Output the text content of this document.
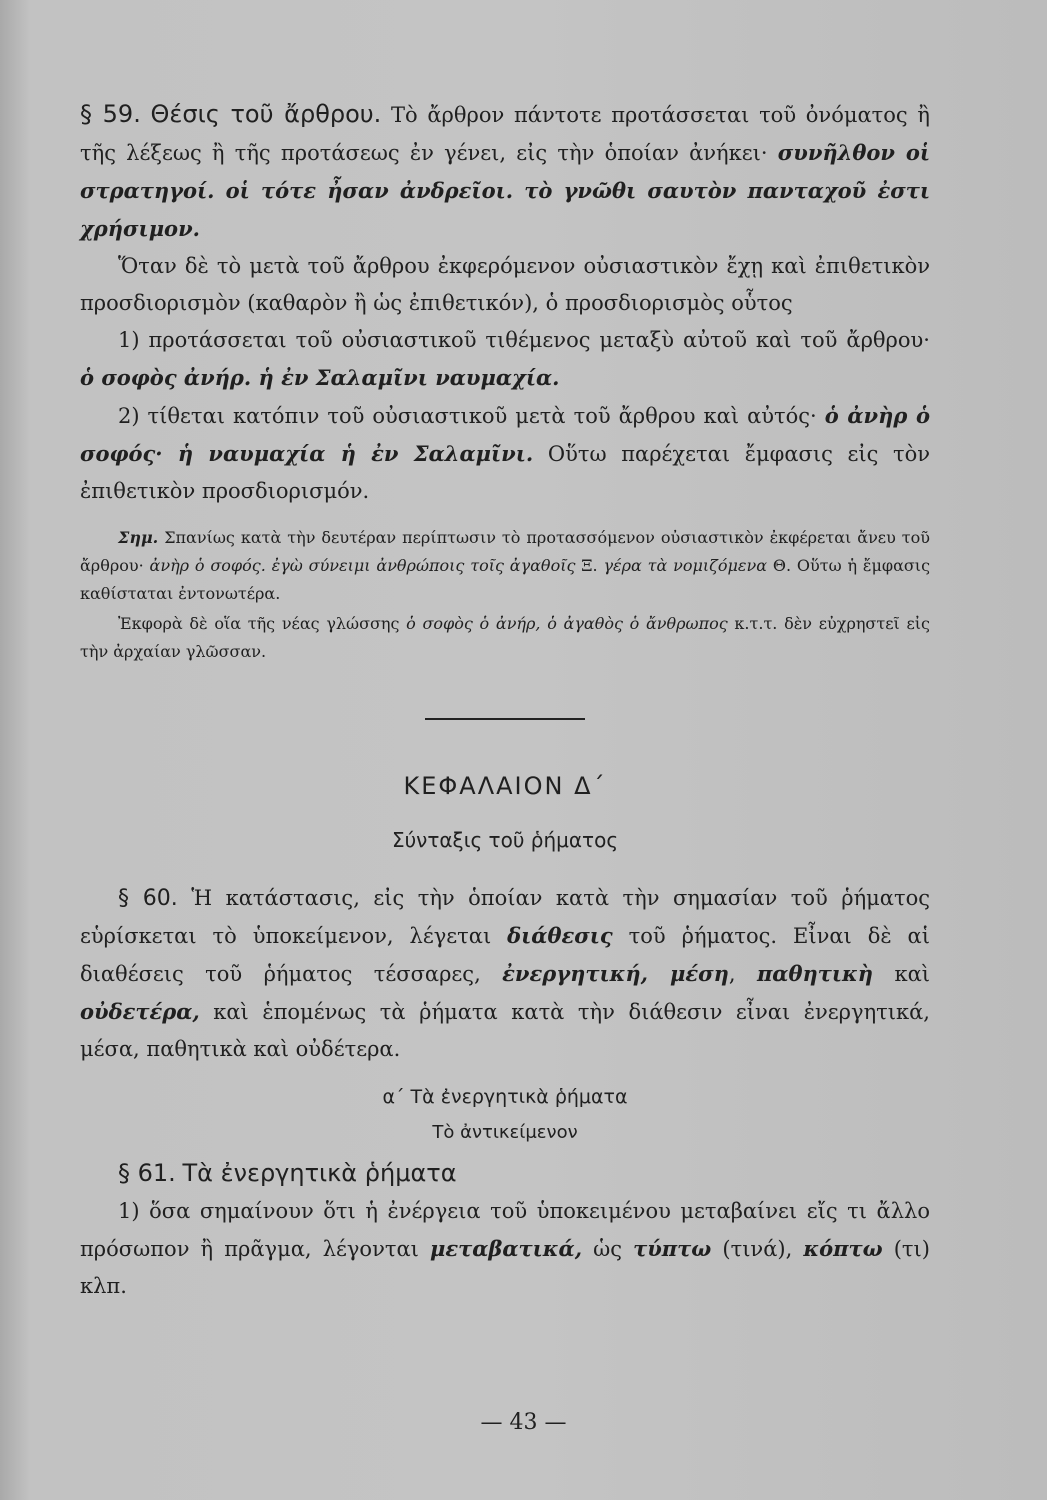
§ 59. Θέσις τοῦ ἄρθρου. Τὸ ἄρθρον πάντοτε προτάσσεται τοῦ ὀνόματος ἢ τῆς λέξεως ἢ τῆς προτάσεως ἐν γένει, εἰς τὴν ὁποίαν ἀνήκει· συνῆλθον οἱ στρατηγοί. οἱ τότε ἦσαν ἀνδρεῖοι. τὸ γνῶθι σαυτὸν πανταχοῦ ἐστι χρήσιμον.

Ὅταν δὲ τὸ μετὰ τοῦ ἄρθρου ἐκφερόμενον οὐσιαστικὸν ἔχῃ καὶ ἐπιθετικὸν προσδιορισμὸν (καθαρὸν ἢ ὡς ἐπιθετικόν), ὁ προσδιορισμὸς οὗτος

1) προτάσσεται τοῦ οὐσιαστικοῦ τιθέμενος μεταξὺ αὐτοῦ καὶ τοῦ ἄρθρου· ὁ σοφὸς ἀνήρ. ἡ ἐν Σαλαμῖνι ναυμαχία.

2) τίθεται κατόπιν τοῦ οὐσιαστικοῦ μετὰ τοῦ ἄρθρου καὶ αὐτός· ὁ ἀνὴρ ὁ σοφός· ἡ ναυμαχία ἡ ἐν Σαλαμῖνι. Οὕτω παρέχεται ἔμφασις εἰς τὸν ἐπιθετικὸν προσδιορισμόν.

Σημ. Σπανίως κατὰ τὴν δευτέραν περίπτωσιν τὸ προτασσόμενον οὐσιαστικὸν ἐκφέρεται ἄνευ τοῦ ἄρθρου· ἀνὴρ ὁ σοφός. ἐγὼ σύνειμι ἀνθρώποις τοῖς ἀγαθοῖς Ξ. γέρα τὰ νομιζόμενα Θ. Οὕτω ἡ ἔμφασις καθίσταται ἐντονωτέρα.

Ἐκφορὰ δὲ οἵα τῆς νέας γλώσσης ὁ σοφὸς ὁ ἀνήρ, ὁ ἀγαθὸς ὁ ἄνθρωπος κ.τ.τ. δὲν εὐχρηστεῖ εἰς τὴν ἀρχαίαν γλῶσσαν.

ΚΕΦΑΛΑΙΟΝ Δ΄

Σύνταξις τοῦ ῥήματος

§ 60. Ἡ κατάστασις, εἰς τὴν ὁποίαν κατὰ τὴν σημασίαν τοῦ ῥήματος εὑρίσκεται τὸ ὑποκείμενον, λέγεται διάθεσις τοῦ ῥήματος. Εἶναι δὲ αἱ διαθέσεις τοῦ ῥήματος τέσσαρες, ἐνεργητική, μέση, παθητικὴ καὶ οὐδετέρα, καὶ ἑπομένως τὰ ῥήματα κατὰ τὴν διάθεσιν εἶναι ἐνεργητικά, μέσα, παθητικὰ καὶ οὐδέτερα.

α΄ Τὰ ἐνεργητικὰ ῥήματα

Τὸ ἀντικείμενον

§ 61. Τὰ ἐνεργητικὰ ῥήματα

1) ὅσα σημαίνουν ὅτι ἡ ἐνέργεια τοῦ ὑποκειμένου μεταβαίνει εἴς τι ἄλλο πρόσωπον ἢ πρᾶγμα, λέγονται μεταβατικά, ὡς τύπτω (τινά), κόπτω (τι) κλπ.

— 43 —
